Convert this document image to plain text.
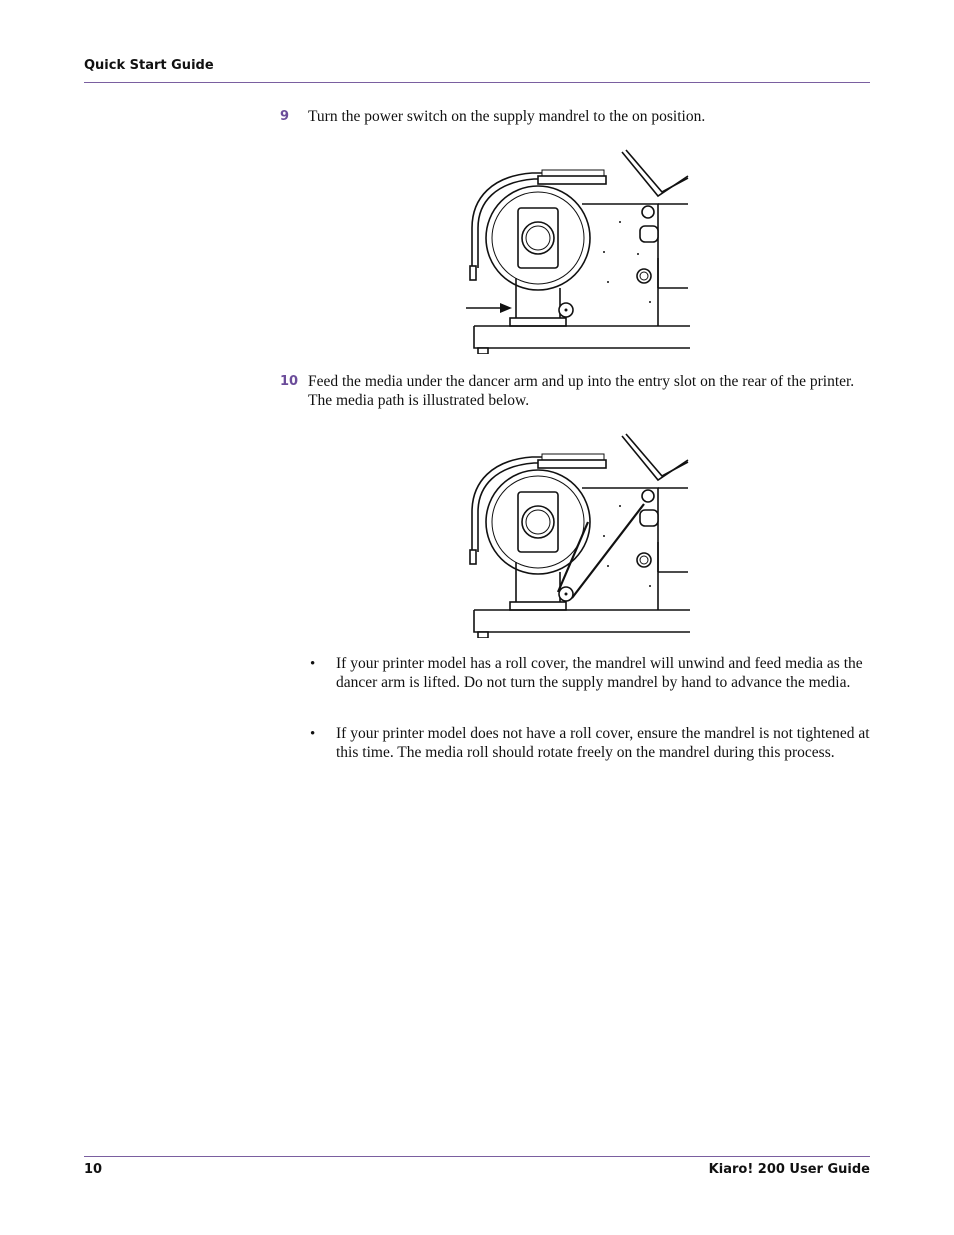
Quick Start Guide
9 Turn the power switch on the supply mandrel to the on position.
10 Feed the media under the dancer arm and up into the entry slot on the rear of the printer. The media path is illustrated below.
• If your printer model has a roll cover, the mandrel will unwind and feed media as the dancer arm is lifted. Do not turn the supply mandrel by hand to advance the media.
• If your printer model does not have a roll cover, ensure the mandrel is not tightened at this time. The media roll should rotate freely on the mandrel during this process.
10	Kiaro! 200 User Guide
